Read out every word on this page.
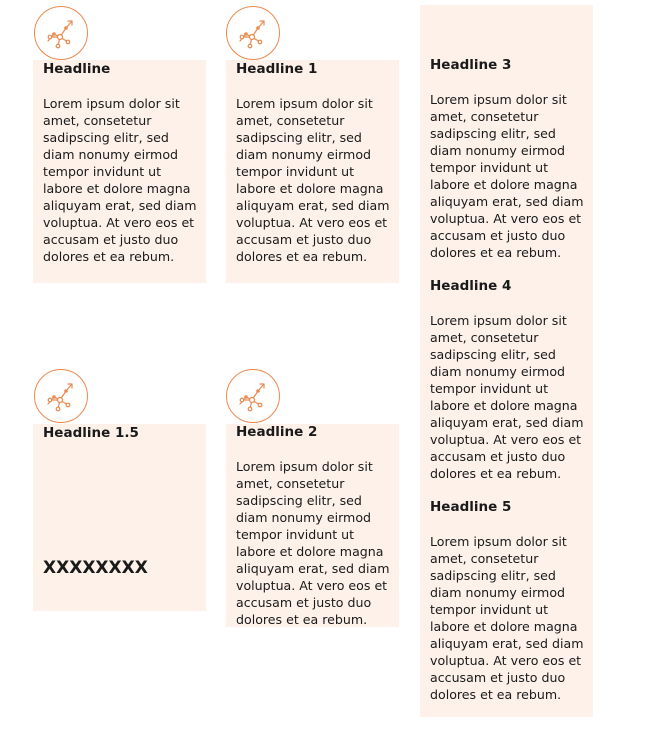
Headline
Lorem ipsum dolor sit amet, consetetur sadipscing elitr, sed diam nonumy eirmod tempor invidunt ut labore et dolore magna aliquyam erat, sed diam voluptua. At vero eos et accusam et justo duo dolores et ea rebum.
Headline 1
Lorem ipsum dolor sit amet, consetetur sadipscing elitr, sed diam nonumy eirmod tempor invidunt ut labore et dolore magna aliquyam erat, sed diam voluptua. At vero eos et accusam et justo duo dolores et ea rebum.
Headline 1.5
XXXXXXXX
Headline 2
Lorem ipsum dolor sit amet, consetetur sadipscing elitr, sed diam nonumy eirmod tempor invidunt ut labore et dolore magna aliquyam erat, sed diam voluptua. At vero eos et accusam et justo duo dolores et ea rebum.
Headline 3
Lorem ipsum dolor sit amet, consetetur sadipscing elitr, sed diam nonumy eirmod tempor invidunt ut labore et dolore magna aliquyam erat, sed diam voluptua. At vero eos et accusam et justo duo dolores et ea rebum.
Headline 4
Lorem ipsum dolor sit amet, consetetur sadipscing elitr, sed diam nonumy eirmod tempor invidunt ut labore et dolore magna aliquyam erat, sed diam voluptua. At vero eos et accusam et justo duo dolores et ea rebum.
Headline 5
Lorem ipsum dolor sit amet, consetetur sadipscing elitr, sed diam nonumy eirmod tempor invidunt ut labore et dolore magna aliquyam erat, sed diam voluptua. At vero eos et accusam et justo duo dolores et ea rebum.
